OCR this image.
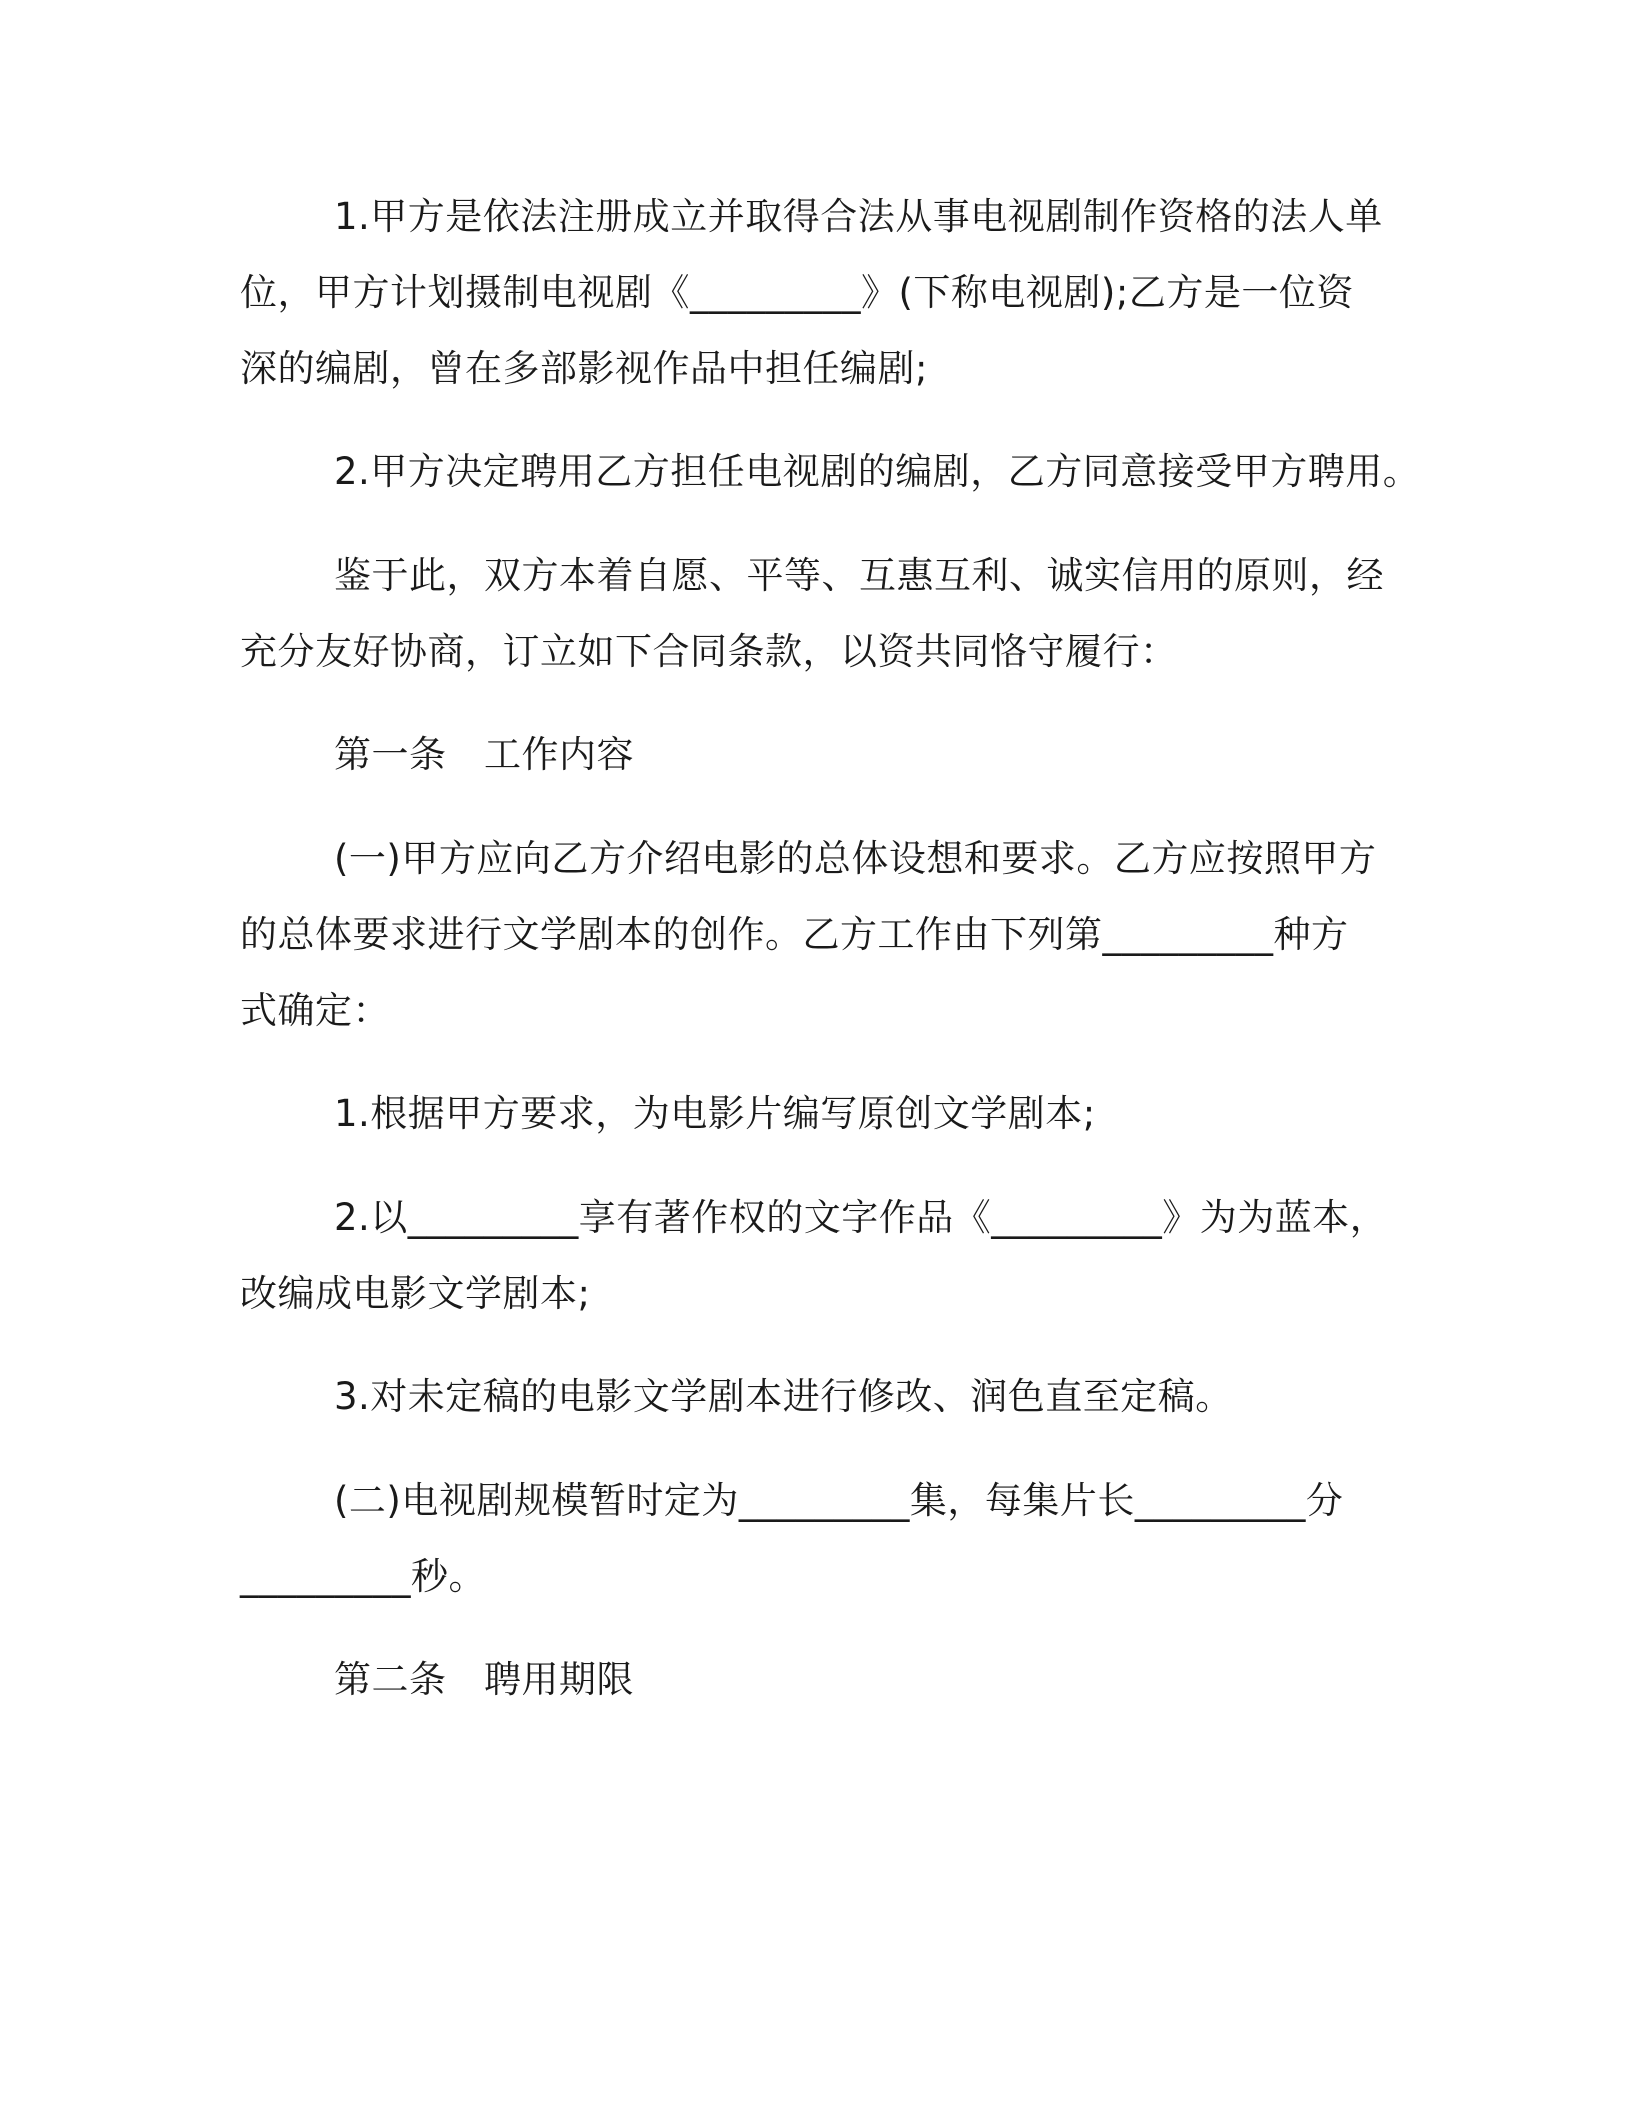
1.甲方是依法注册成立并取得合法从事电视剧制作资格的法人单
位，甲方计划摄制电视剧《_________》(下称电视剧);乙方是一位资
深的编剧，曾在多部影视作品中担任编剧;
2.甲方决定聘用乙方担任电视剧的编剧，乙方同意接受甲方聘用。
鉴于此，双方本着自愿、平等、互惠互利、诚实信用的原则，经
充分友好协商，订立如下合同条款，以资共同恪守履行：
第一条　工作内容
(一)甲方应向乙方介绍电影的总体设想和要求。乙方应按照甲方
的总体要求进行文学剧本的创作。乙方工作由下列第_________种方
式确定：
1.根据甲方要求，为电影片编写原创文学剧本;
2.以_________享有著作权的文字作品《_________》为为蓝本，
改编成电影文学剧本;
3.对未定稿的电影文学剧本进行修改、润色直至定稿。
(二)电视剧规模暂时定为_________集，每集片长_________分
_________秒。
第二条　聘用期限
